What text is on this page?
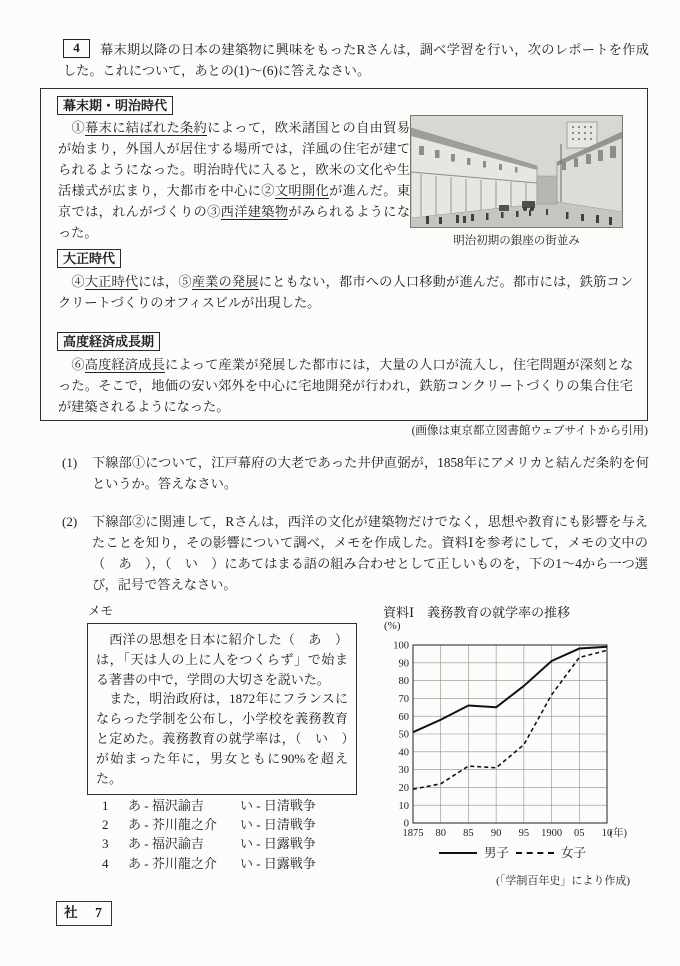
4	幕末期以降の日本の建築物に興味をもったRさんは，調べ学習を行い，次のレポートを作成した。これについて，あとの(1)～(6)に答えなさい。
幕末期・明治時代
　①幕末に結ばれた条約によって，欧米諸国との自由貿易が始まり，外国人が居住する場所では，洋風の住宅が建てられるようになった。明治時代に入ると，欧米の文化や生活様式が広まり，大都市を中心に②文明開化が進んだ。東京では，れんがづくりの③西洋建築物がみられるようになった。
明治初期の銀座の街並み
大正時代
　④大正時代には，⑤産業の発展にともない，都市への人口移動が進んだ。都市には，鉄筋コンクリートづくりのオフィスビルが出現した。
高度経済成長期
　⑥高度経済成長によって産業が発展した都市には，大量の人口が流入し，住宅問題が深刻となった。そこで，地価の安い郊外を中心に宅地開発が行われ，鉄筋コンクリートづくりの集合住宅が建築されるようになった。
(画像は東京都立図書館ウェブサイトから引用)
(1) 下線部①について，江戸幕府の大老であった井伊直弼が，1858年にアメリカと結んだ条約を何というか。答えなさい。
(2) 下線部②に関連して，Rさんは，西洋の文化が建築物だけでなく，思想や教育にも影響を与えたことを知り，その影響について調べ，メモを作成した。資料Ⅰを参考にして，メモの文中の（　あ　），（　い　）にあてはまる語の組み合わせとして正しいものを，下の1～4から一つ選び，記号で答えなさい。
メモ

　西洋の思想を日本に紹介した（　あ　）は，「天は人の上に人をつくらず」で始まる著書の中で，学問の大切さを説いた。

　また，明治政府は，1872年にフランスにならった学制を公布し，小学校を義務教育と定めた。義務教育の就学率は，（　い　）が始まった年に，男女ともに90%を超えた。

1	あ - 福沢諭吉	い - 日清戦争
2	あ - 芥川龍之介	い - 日清戦争
3	あ - 福沢諭吉	い - 日露戦争
4	あ - 芥川龍之介	い - 日露戦争
資料Ⅰ　義務教育の就学率の推移
(%)
0
10
20
30
40
50
60
70
80
90
100
1875 80 85 90 95 1900 05 10
(年)
男子	女子
(「学制百年史」により作成)
社　7
